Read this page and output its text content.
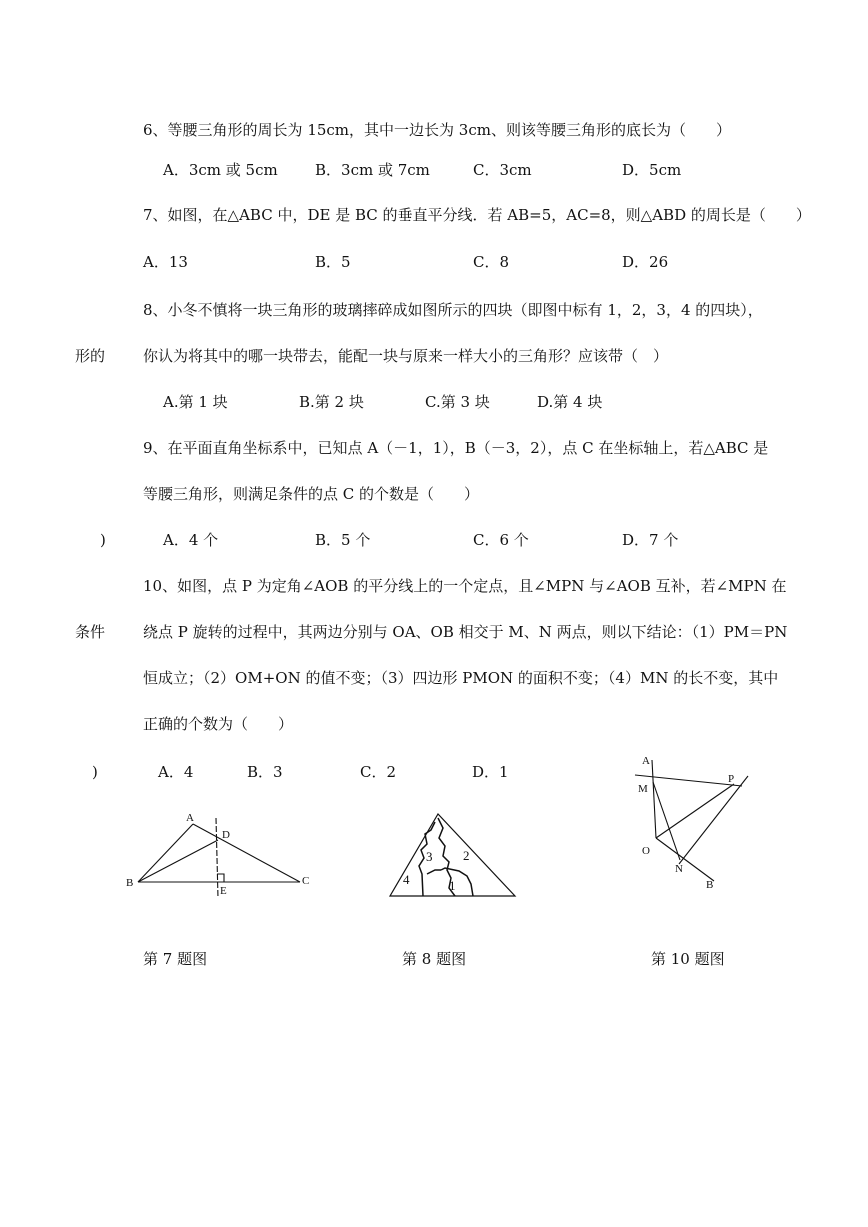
6、等腰三角形的周长为 15cm，其中一边长为 3cm、则该等腰三角形的底长为（　　）
A．3cm 或 5cm B．3cm 或 7cm	C．3cm	D．5cm
7、如图，在△ABC 中，DE 是 BC 的垂直平分线．若 AB=5，AC=8，则△ABD 的周长是（　　）
A．13	B．5	C．8	D．26
8、小冬不慎将一块三角形的玻璃摔碎成如图所示的四块（即图中标有 1，2，3，4 的四块），
形的	你认为将其中的哪一块带去，能配一块与原来一样大小的三角形？应该带（　）
A.第 1 块	B.第 2 块	C.第 3 块	D.第 4 块
9、在平面直角坐标系中，已知点 A（－1，1），B（－3，2），点 C 在坐标轴上，若△ABC 是
等腰三角形，则满足条件的点 C 的个数是（　　）
)	A．4 个	B．5 个	C．6 个	D．7 个
10、如图，点 P 为定角∠AOB 的平分线上的一个定点，且∠MPN 与∠AOB 互补，若∠MPN 在
条件	绕点 P 旋转的过程中，其两边分别与 OA、OB 相交于 M、N 两点，则以下结论：（1）PM＝PN
恒成立；（2）OM+ON 的值不变；（3）四边形 PMON 的面积不变；（4）MN 的长不变，其中
正确的个数为（　　）
)	A．4	B．3	C．2	D．1
A
D
B
E
C
3 2
4	1
A
M
P
O
N
B
第 7 题图	第 8 题图	第 10 题图
